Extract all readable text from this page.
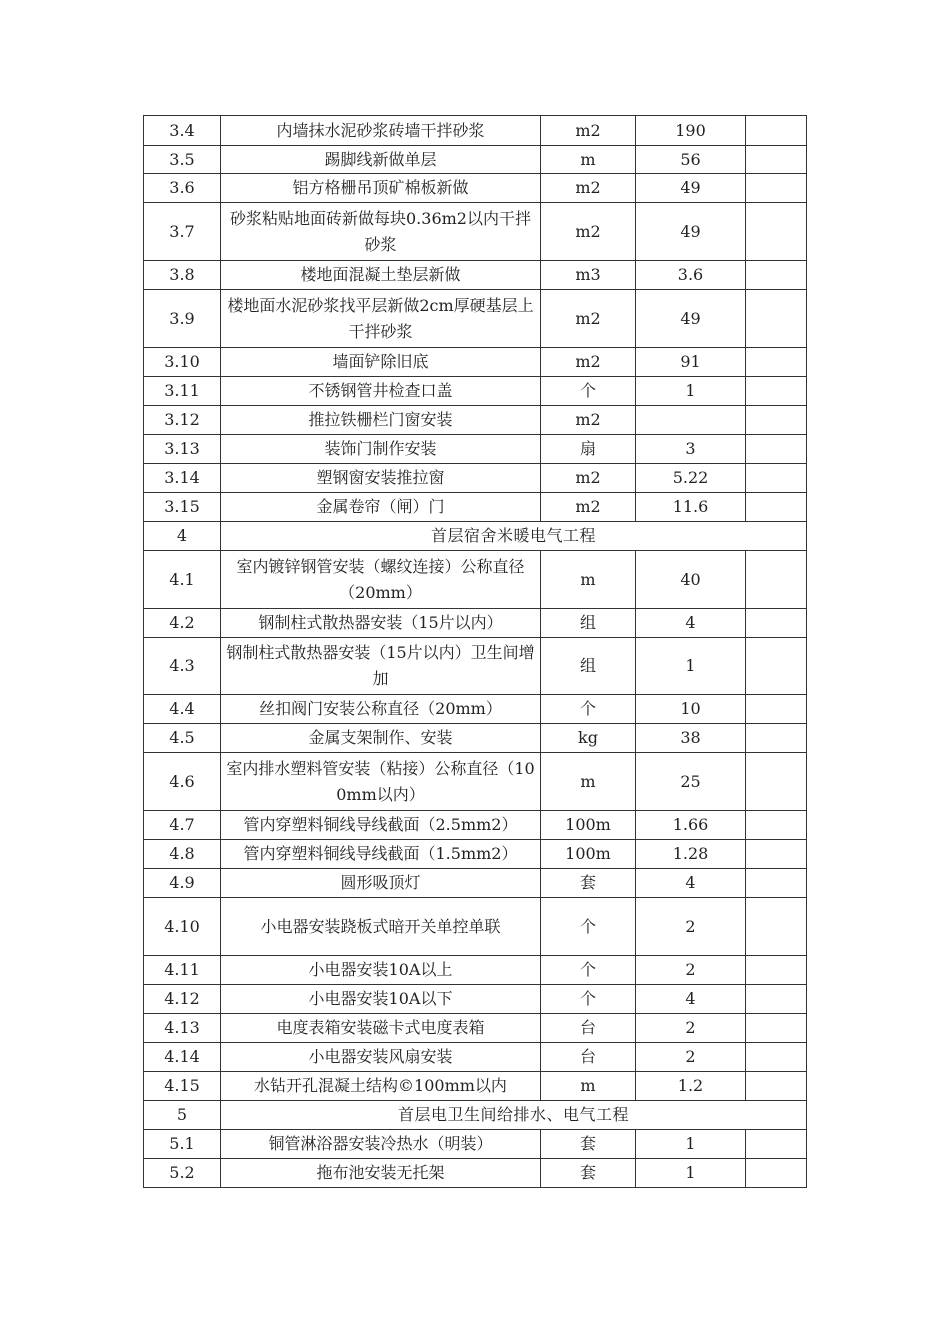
3.4	内墙抹水泥砂浆砖墙干拌砂浆	m2	190	
3.5	踢脚线新做单层	m	56	
3.6	铝方格栅吊顶矿棉板新做	m2	49	
3.7	砂浆粘贴地面砖新做每块0.36m2以内干拌砂浆	m2	49	
3.8	楼地面混凝土垫层新做	m3	3.6	
3.9	楼地面水泥砂浆找平层新做2cm厚硬基层上干拌砂浆	m2	49	
3.10	墙面铲除旧底	m2	91	
3.11	不锈钢管井检查口盖	个	1	
3.12	推拉铁栅栏门窗安装	m2		
3.13	装饰门制作安装	扇	3	
3.14	塑钢窗安装推拉窗	m2	5.22	
3.15	金属卷帘（闸）门	m2	11.6	
4	首层宿舍米暖电气工程			
4.1	室内镀锌钢管安装（螺纹连接）公称直径（20mm）	m	40	
4.2	钢制柱式散热器安装（15片以内）	组	4	
4.3	钢制柱式散热器安装（15片以内）卫生间增加	组	1	
4.4	丝扣阀门安装公称直径（20mm）	个	10	
4.5	金属支架制作、安装	kg	38	
4.6	室内排水塑料管安装（粘接）公称直径（100mm以内）	m	25	
4.7	管内穿塑料铜线导线截面（2.5mm2）	100m	1.66	
4.8	管内穿塑料铜线导线截面（1.5mm2）	100m	1.28	
4.9	圆形吸顶灯	套	4	
4.10	小电器安装跷板式暗开关单控单联	个	2	
4.11	小电器安装10A以上	个	2	
4.12	小电器安装10A以下	个	4	
4.13	电度表箱安装磁卡式电度表箱	台	2	
4.14	小电器安装风扇安装	台	2	
4.15	水钻开孔混凝土结构©100mm以内	m	1.2	
5	首层电卫生间给排水、电气工程			
5.1	铜管淋浴器安装冷热水（明装）	套	1	
5.2	拖布池安装无托架	套	1	
